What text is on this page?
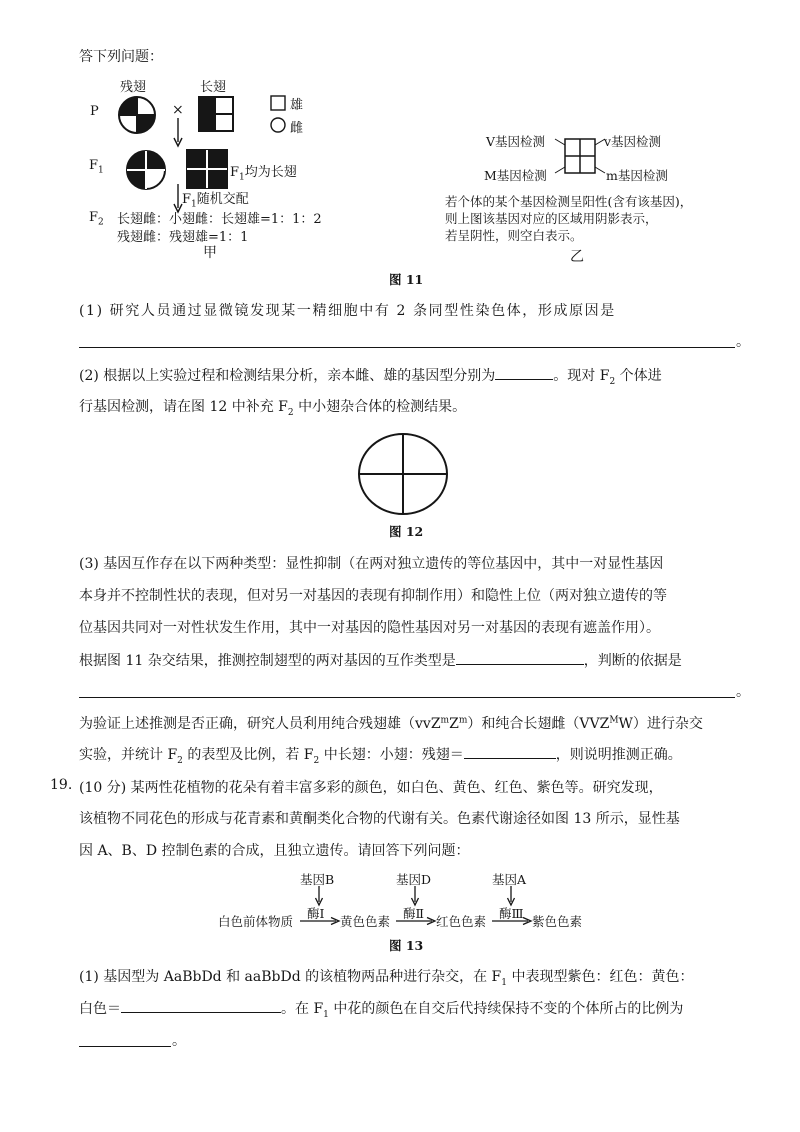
答下列问题：
残翅	长翅
P	×	雄
雌
$F_1$	$F_1$均为长翅
$F_1$随机交配
$F_2$ 长翅雌：小翅雌：长翅雄=1：1：2
残翅雌：残翅雄=1：1
甲
V基因检测	v基因检测
M基因检测	m基因检测
若个体的某个基因检测呈阳性(含有该基因)，
则上图该基因对应的区域用阴影表示，
若呈阴性，则空白表示。
乙
图 11
(1) 研究人员通过显微镜发现某一精细胞中有 2 条同型性染色体，形成原因是
。
(2) 根据以上实验过程和检测结果分析，亲本雌、雄的基因型分别为	。现对 $F_2$ 个体进
行基因检测，请在图 12 中补充 $F_2$ 中小翅杂合体的检测结果。
图 12
(3) 基因互作存在以下两种类型：显性抑制（在两对独立遗传的等位基因中，其中一对显性基因
本身并不控制性状的表现，但对另一对基因的表现有抑制作用）和隐性上位（两对独立遗传的等
位基因共同对一对性状发生作用，其中一对基因的隐性基因对另一对基因的表现有遮盖作用）。
根据图 11 杂交结果，推测控制翅型的两对基因的互作类型是	，判断的依据是
。
为验证上述推测是否正确，研究人员利用纯合残翅雄$(vvZ^mZ^m)$和纯合长翅雌$(VVZ^MW)$进行杂交
实验，并统计 $F_2$ 的表型及比例，若 $F_2$ 中长翅：小翅：残翅＝	，则说明推测正确。
19. (10 分) 某两性花植物的花朵有着丰富多彩的颜色，如白色、黄色、红色、紫色等。研究发现，
该植物不同花色的形成与花青素和黄酮类化合物的代谢有关。色素代谢途径如图 13 所示，显性基
因 A、B、D 控制色素的合成，且独立遗传。请回答下列问题：
基因B	基因D	基因A
酶Ⅰ	酶Ⅱ	酶Ⅲ
白色前体物质	黄色色素	红色色素	紫色色素
图 13
(1) 基因型为 AaBbDd 和 aaBbDd 的该植物两品种进行杂交，在 $F_1$ 中表现型紫色：红色：黄色：
白色＝	。在 $F_1$ 中花的颜色在自交后代持续保持不变的个体所占的比例为
。
